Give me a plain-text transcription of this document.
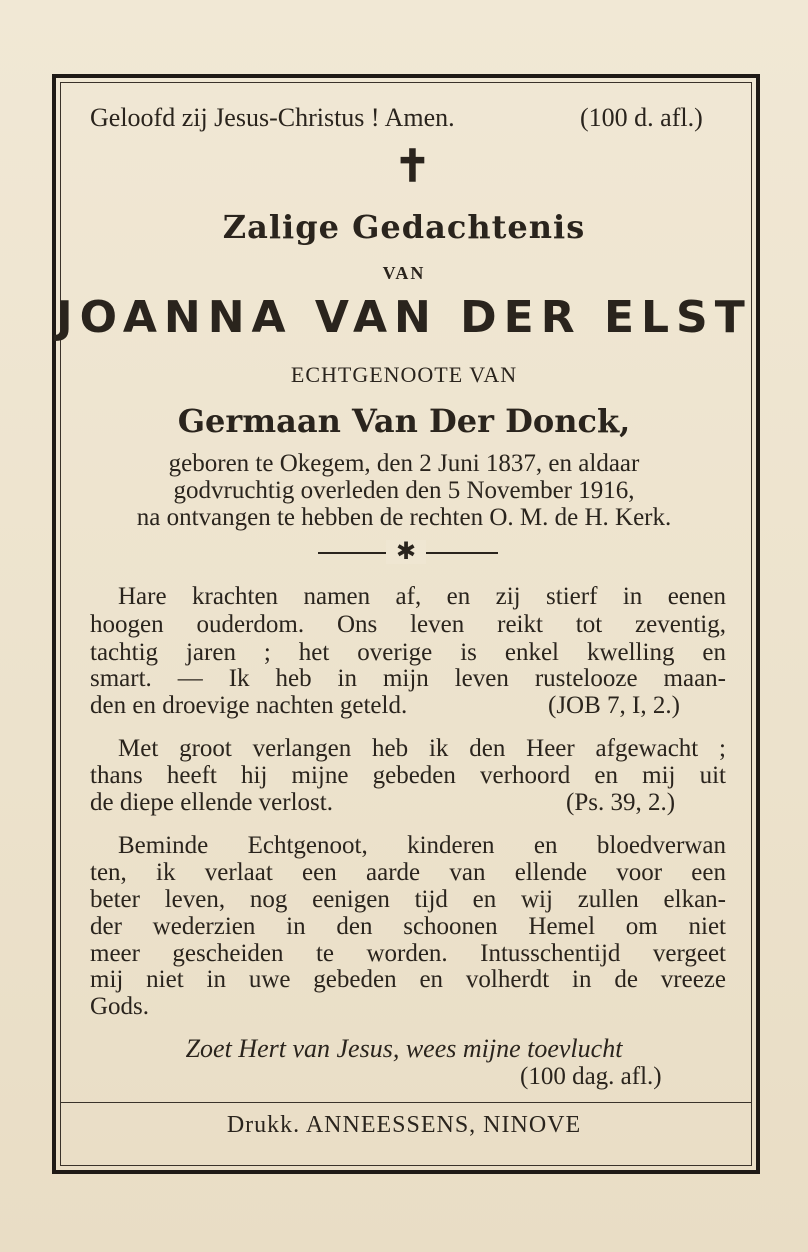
Geloofd zij Jesus-Christus ! Amen.	(100 d. afl.)
✝
Zalige Gedachtenis
VAN
JOANNA VAN DER ELST
ECHTGENOOTE VAN
Germaan Van Der Donck,
geboren te Okegem, den 2 Juni 1837, en aldaar
godvruchtig overleden den 5 November 1916,
na ontvangen te hebben de rechten O. M. de H. Kerk.
✱
Hare krachten namen af, en zij stierf in eenen
hoogen ouderdom. Ons leven reikt tot zeventig,
tachtig jaren ; het overige is enkel kwelling en
smart. — Ik heb in mijn leven rustelooze maan-
den en droevige nachten geteld.	(JOB 7, I, 2.)
Met groot verlangen heb ik den Heer afgewacht ;
thans heeft hij mijne gebeden verhoord en mij uit
de diepe ellende verlost.	(Ps. 39, 2.)
Beminde Echtgenoot, kinderen en bloedverwan
ten, ik verlaat een aarde van ellende voor een
beter leven, nog eenigen tijd en wij zullen elkan-
der wederzien in den schoonen Hemel om niet
meer gescheiden te worden. Intusschentijd vergeet
mij niet in uwe gebeden en volherdt in de vreeze
Gods.
Zoet Hert van Jesus, wees mijne toevlucht
(100 dag. afl.)
Drukk. ANNEESSENS, NINOVE
